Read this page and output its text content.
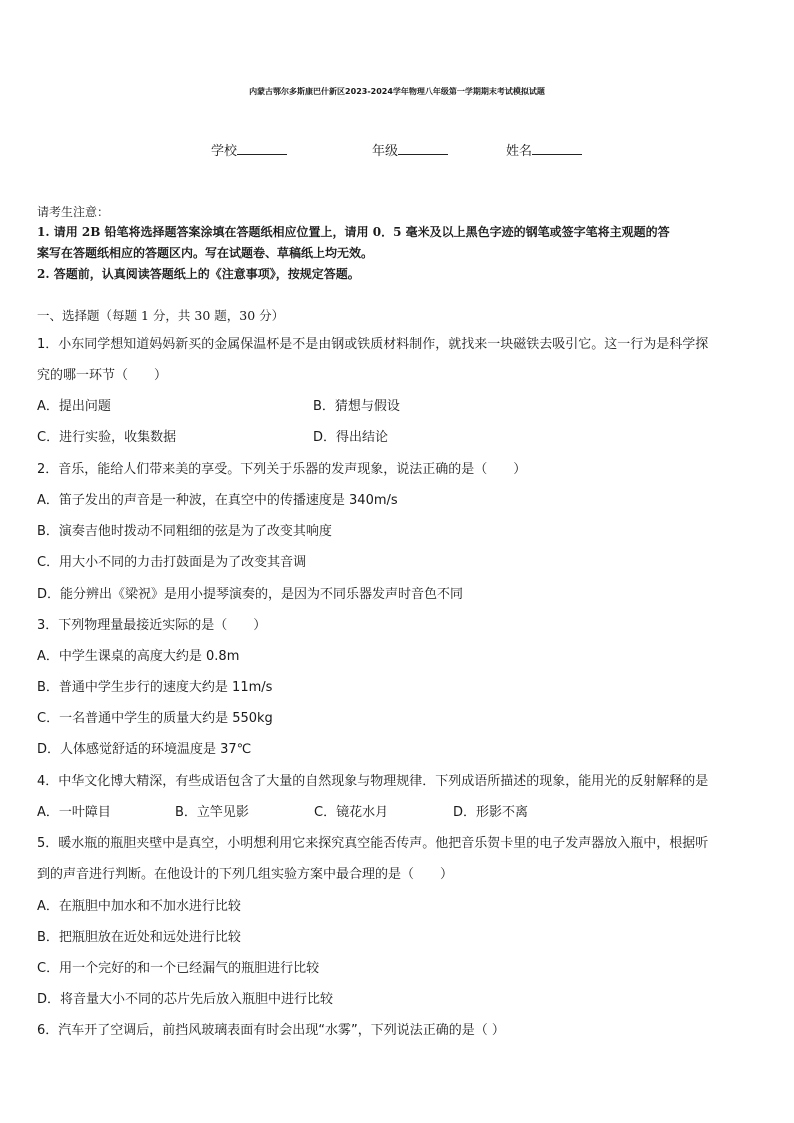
内蒙古鄂尔多斯康巴什新区2023-2024学年物理八年级第一学期期末考试模拟试题
学校	年级	姓名
请考生注意：
1. 请用 2B 铅笔将选择题答案涂填在答题纸相应位置上，请用 0．5 毫米及以上黑色字迹的钢笔或签字笔将主观题的答
案写在答题纸相应的答题区内。写在试题卷、草稿纸上均无效。
2. 答题前，认真阅读答题纸上的《注意事项》，按规定答题。
一、选择题（每题 1 分，共 30 题，30 分）
1．小东同学想知道妈妈新买的金属保温杯是不是由钢或铁质材料制作，就找来一块磁铁去吸引它。这一行为是科学探
究的哪一环节（　　）
A．提出问题	B．猜想与假设
C．进行实验，收集数据	D．得出结论
2．音乐，能给人们带来美的享受。下列关于乐器的发声现象，说法正确的是（　　）
A．笛子发出的声音是一种波，在真空中的传播速度是 340m/s
B．演奏吉他时拨动不同粗细的弦是为了改变其响度
C．用大小不同的力击打鼓面是为了改变其音调
D．能分辨出《梁祝》是用小提琴演奏的，是因为不同乐器发声时音色不同
3．下列物理量最接近实际的是（　　）
A．中学生课桌的高度大约是 0.8m
B．普通中学生步行的速度大约是 11m/s
C．一名普通中学生的质量大约是 550kg
D．人体感觉舒适的环境温度是 37℃
4．中华文化博大精深，有些成语包含了大量的自然现象与物理规律．下列成语所描述的现象，能用光的反射解释的是
A．一叶障目	B．立竿见影	C．镜花水月	D．形影不离
5．暖水瓶的瓶胆夹壁中是真空，小明想利用它来探究真空能否传声。他把音乐贺卡里的电子发声器放入瓶中，根据听
到的声音进行判断。在他设计的下列几组实验方案中最合理的是（　　）
A．在瓶胆中加水和不加水进行比较
B．把瓶胆放在近处和远处进行比较
C．用一个完好的和一个已经漏气的瓶胆进行比较
D．将音量大小不同的芯片先后放入瓶胆中进行比较
6．汽车开了空调后，前挡风玻璃表面有时会出现“水雾”，下列说法正确的是（ ）
